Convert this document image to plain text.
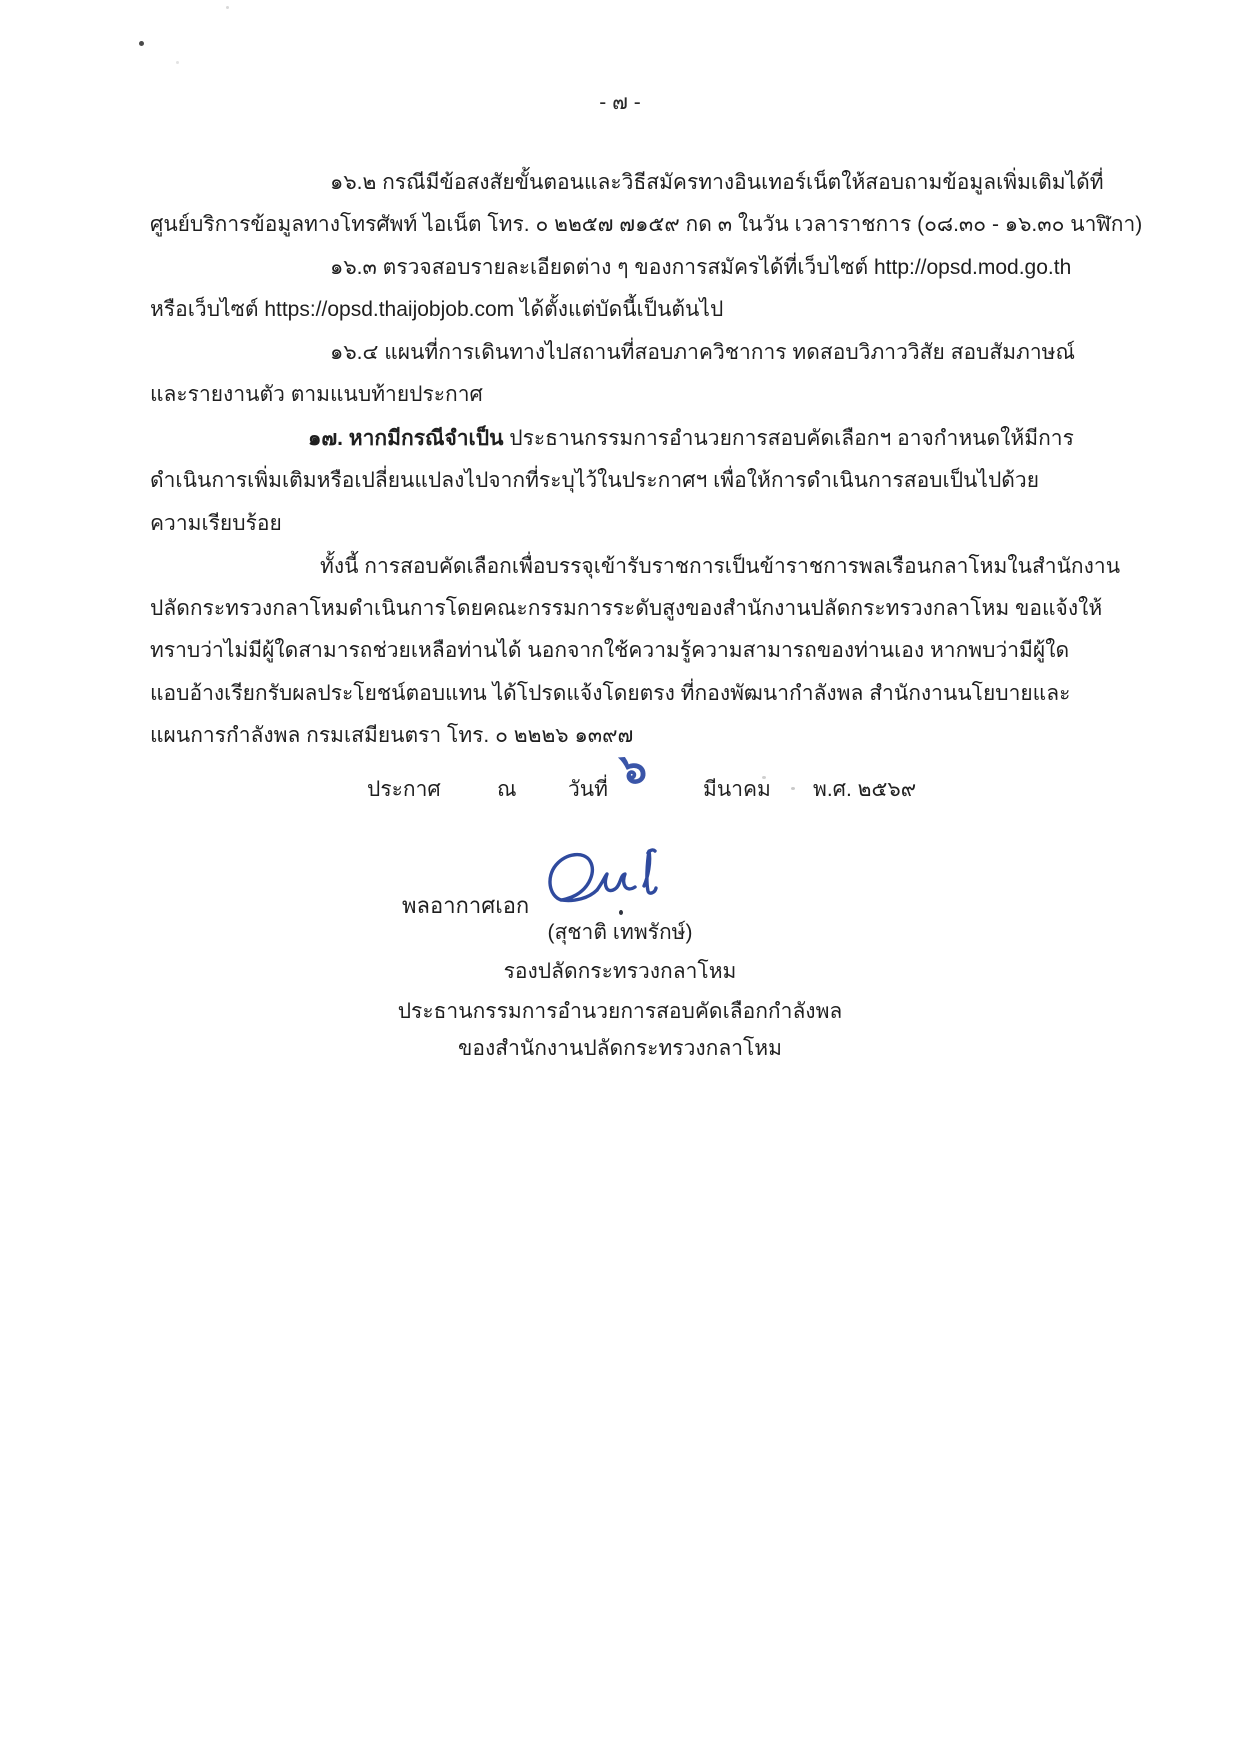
- ๗ -
๑๖.๒ กรณีมีข้อสงสัยขั้นตอนและวิธีสมัครทางอินเทอร์เน็ตให้สอบถามข้อมูลเพิ่มเติมได้ที่
ศูนย์บริการข้อมูลทางโทรศัพท์ ไอเน็ต โทร. ๐ ๒๒๕๗ ๗๑๕๙ กด ๓ ในวัน เวลาราชการ (๐๘.๓๐ - ๑๖.๓๐ นาฬิกา)
๑๖.๓ ตรวจสอบรายละเอียดต่าง ๆ ของการสมัครได้ที่เว็บไซต์ http://opsd.mod.go.th
หรือเว็บไซต์ https://opsd.thaijobjob.com ได้ตั้งแต่บัดนี้เป็นต้นไป
๑๖.๔ แผนที่การเดินทางไปสถานที่สอบภาควิชาการ ทดสอบวิภาววิสัย สอบสัมภาษณ์
และรายงานตัว ตามแนบท้ายประกาศ
๑๗. หากมีกรณีจำเป็น ประธานกรรมการอำนวยการสอบคัดเลือกฯ อาจกำหนดให้มีการ
ดำเนินการเพิ่มเติมหรือเปลี่ยนแปลงไปจากที่ระบุไว้ในประกาศฯ เพื่อให้การดำเนินการสอบเป็นไปด้วย
ความเรียบร้อย
ทั้งนี้ การสอบคัดเลือกเพื่อบรรจุเข้ารับราชการเป็นข้าราชการพลเรือนกลาโหมในสำนักงาน
ปลัดกระทรวงกลาโหมดำเนินการโดยคณะกรรมการระดับสูงของสำนักงานปลัดกระทรวงกลาโหม ขอแจ้งให้
ทราบว่าไม่มีผู้ใดสามารถช่วยเหลือท่านได้ นอกจากใช้ความรู้ความสามารถของท่านเอง หากพบว่ามีผู้ใด
แอบอ้างเรียกรับผลประโยชน์ตอบแทน ได้โปรดแจ้งโดยตรง ที่กองพัฒนากำลังพล สำนักงานนโยบายและ
แผนการกำลังพล กรมเสมียนตรา โทร. ๐ ๒๒๒๖ ๑๓๙๗
ประกาศ	ณ วันที่ ๖	มีนาคม พ.ศ. ๒๕๖๙
พลอากาศเอก
(สุชาติ เทพรักษ์)
รองปลัดกระทรวงกลาโหม
ประธานกรรมการอำนวยการสอบคัดเลือกกำลังพล
ของสำนักงานปลัดกระทรวงกลาโหม
